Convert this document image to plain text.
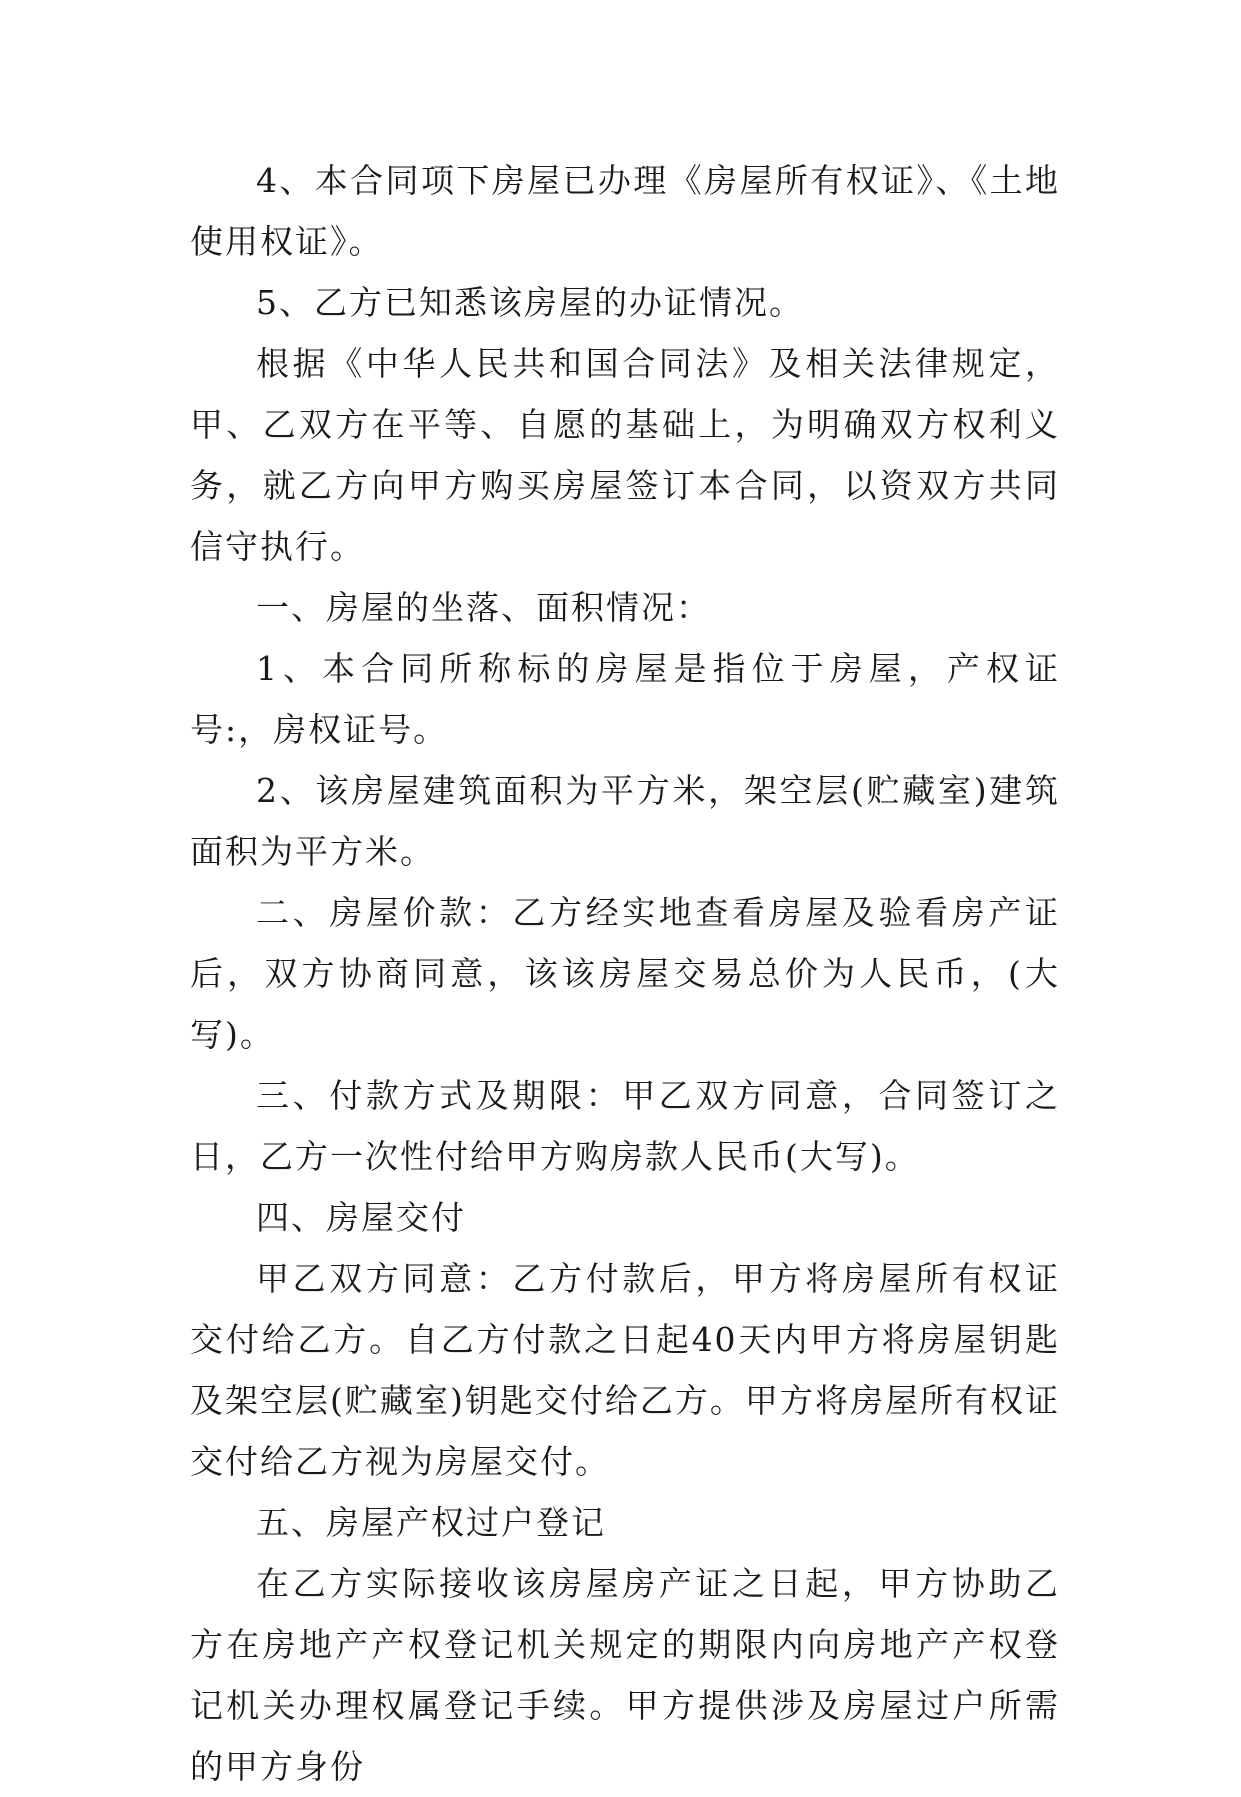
4、本合同项下房屋已办理《房屋所有权证》、《土地使用权证》。

5、乙方已知悉该房屋的办证情况。

根据《中华人民共和国合同法》及相关法律规定，甲、乙双方在平等、自愿的基础上，为明确双方权利义务，就乙方向甲方购买房屋签订本合同，以资双方共同信守执行。

一、房屋的坐落、面积情况：

1、本合同所称标的房屋是指位于房屋，产权证号:，房权证号。

2、该房屋建筑面积为平方米，架空层(贮藏室)建筑面积为平方米。

二、房屋价款：乙方经实地查看房屋及验看房产证后，双方协商同意，该该房屋交易总价为人民币，(大写)。

三、付款方式及期限：甲乙双方同意，合同签订之日，乙方一次性付给甲方购房款人民币(大写)。

四、房屋交付

甲乙双方同意：乙方付款后，甲方将房屋所有权证交付给乙方。自乙方付款之日起40天内甲方将房屋钥匙及架空层(贮藏室)钥匙交付给乙方。甲方将房屋所有权证交付给乙方视为房屋交付。

五、房屋产权过户登记

在乙方实际接收该房屋房产证之日起，甲方协助乙方在房地产产权登记机关规定的期限内向房地产产权登记机关办理权属登记手续。甲方提供涉及房屋过户所需的甲方身份
